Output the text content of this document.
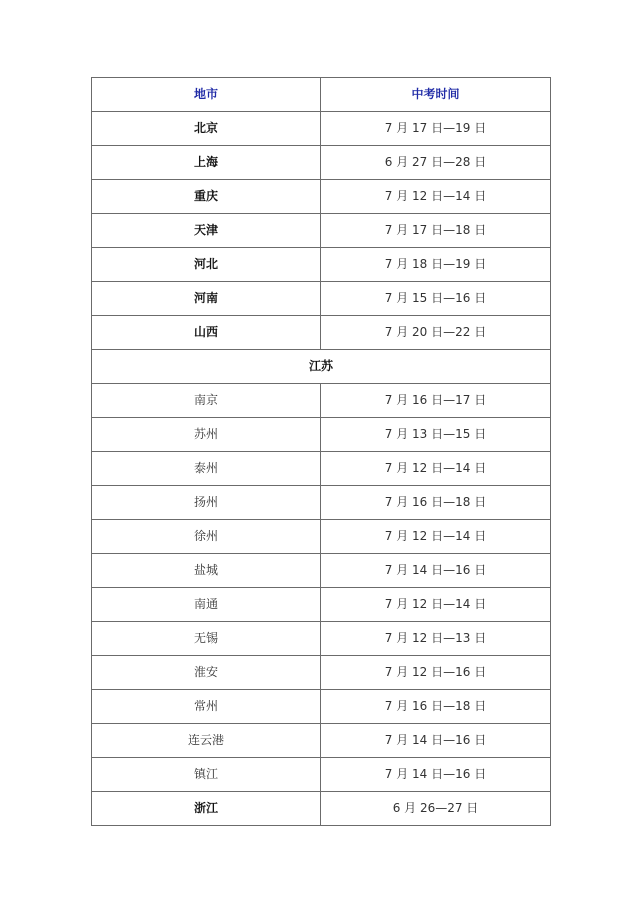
地市	中考时间
北京	7 月 17 日—19 日
上海	6 月 27 日—28 日
重庆	7 月 12 日—14 日
天津	7 月 17 日—18 日
河北	7 月 18 日—19 日
河南	7 月 15 日—16 日
山西	7 月 20 日—22 日
江苏	
南京	7 月 16 日—17 日
苏州	7 月 13 日—15 日
泰州	7 月 12 日—14 日
扬州	7 月 16 日—18 日
徐州	7 月 12 日—14 日
盐城	7 月 14 日—16 日
南通	7 月 12 日—14 日
无锡	7 月 12 日—13 日
淮安	7 月 12 日—16 日
常州	7 月 16 日—18 日
连云港	7 月 14 日—16 日
镇江	7 月 14 日—16 日
浙江	6 月 26—27 日
